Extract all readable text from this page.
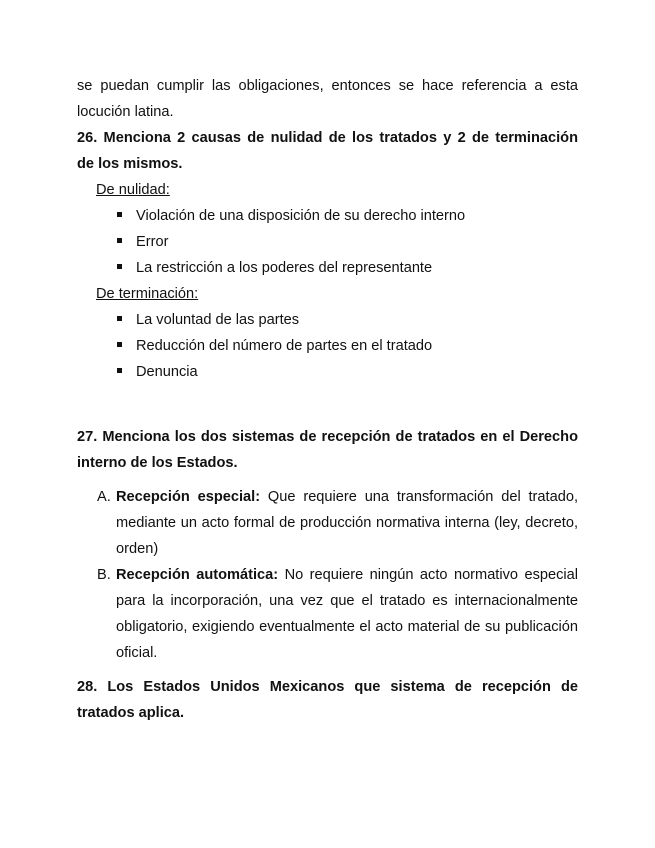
se puedan cumplir las obligaciones, entonces se hace referencia a esta
locución latina.
26. Menciona 2 causas de nulidad de los tratados y 2 de terminación
de los mismos.
De nulidad:
Violación de una disposición de su derecho interno
Error
La restricción a los poderes del representante
De terminación:
La voluntad de las partes
Reducción del número de partes en el tratado
Denuncia
27. Menciona los dos sistemas de recepción de tratados en el Derecho
interno de los Estados.
A. Recepción especial: Que requiere una transformación del tratado,
mediante un acto formal de producción normativa interna (ley, decreto,
orden)
B. Recepción automática: No requiere ningún acto normativo especial
para la incorporación, una vez que el tratado es internacionalmente
obligatorio, exigiendo eventualmente el acto material de su publicación
oficial.
28. Los Estados Unidos Mexicanos que sistema de recepción de
tratados aplica.
